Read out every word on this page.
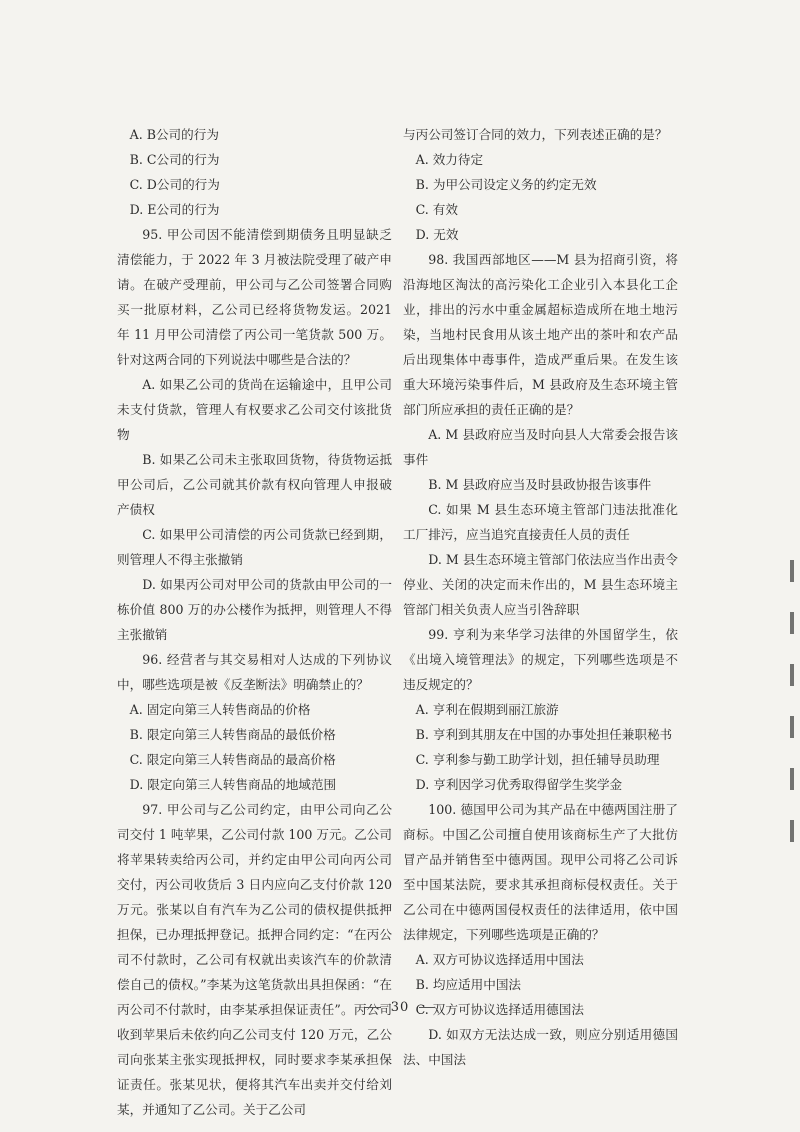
A. B公司的行为

B. C公司的行为

C. D公司的行为

D. E公司的行为

95. 甲公司因不能清偿到期债务且明显缺乏清偿能力，于 2022 年 3 月被法院受理了破产申请。在破产受理前，甲公司与乙公司签署合同购买一批原材料，乙公司已经将货物发运。2021 年 11 月甲公司清偿了丙公司一笔货款 500 万。针对这两合同的下列说法中哪些是合法的？

A. 如果乙公司的货尚在运输途中，且甲公司未支付货款，管理人有权要求乙公司交付该批货物

B. 如果乙公司未主张取回货物，待货物运抵甲公司后，乙公司就其价款有权向管理人申报破产债权

C. 如果甲公司清偿的丙公司货款已经到期，则管理人不得主张撤销

D. 如果丙公司对甲公司的货款由甲公司的一栋价值 800 万的办公楼作为抵押，则管理人不得主张撤销

96. 经营者与其交易相对人达成的下列协议中，哪些选项是被《反垄断法》明确禁止的？

A. 固定向第三人转售商品的价格

B. 限定向第三人转售商品的最低价格

C. 限定向第三人转售商品的最高价格

D. 限定向第三人转售商品的地域范围

97. 甲公司与乙公司约定，由甲公司向乙公司交付 1 吨苹果，乙公司付款 100 万元。乙公司将苹果转卖给丙公司，并约定由甲公司向丙公司交付，丙公司收货后 3 日内应向乙支付价款 120 万元。张某以自有汽车为乙公司的债权提供抵押担保，已办理抵押登记。抵押合同约定：“在丙公司不付款时，乙公司有权就出卖该汽车的价款清偿自己的债权。”李某为这笔货款出具担保函：“在丙公司不付款时，由李某承担保证责任”。丙公司收到苹果后未依约向乙公司支付 120 万元，乙公司向张某主张实现抵押权，同时要求李某承担保证责任。张某见状，便将其汽车出卖并交付给刘某，并通知了乙公司。关于乙公司

与丙公司签订合同的效力，下列表述正确的是？

A. 效力待定

B. 为甲公司设定义务的约定无效

C. 有效

D. 无效

98. 我国西部地区——M 县为招商引资，将沿海地区淘汰的高污染化工企业引入本县化工企业，排出的污水中重金属超标造成所在地土地污染，当地村民食用从该土地产出的茶叶和农产品后出现集体中毒事件，造成严重后果。在发生该重大环境污染事件后，M 县政府及生态环境主管部门所应承担的责任正确的是？

A. M 县政府应当及时向县人大常委会报告该事件

B. M 县政府应当及时县政协报告该事件

C. 如果 M 县生态环境主管部门违法批准化工厂排污，应当追究直接责任人员的责任

D. M 县生态环境主管部门依法应当作出责令停业、关闭的决定而未作出的，M 县生态环境主管部门相关负责人应当引咎辞职

99. 亨利为来华学习法律的外国留学生，依《出境入境管理法》的规定，下列哪些选项是不违反规定的？

A. 亨利在假期到丽江旅游

B. 亨利到其朋友在中国的办事处担任兼职秘书

C. 亨利参与勤工助学计划，担任辅导员助理

D. 亨利因学习优秀取得留学生奖学金

100. 德国甲公司为其产品在中德两国注册了商标。中国乙公司擅自使用该商标生产了大批仿冒产品并销售至中德两国。现甲公司将乙公司诉至中国某法院，要求其承担商标侵权责任。关于乙公司在中德两国侵权责任的法律适用，依中国法律规定，下列哪些选项是正确的？

A. 双方可协议选择适用中国法

B. 均应适用中国法

C. 双方可协议选择适用德国法

D. 如双方无法达成一致，则应分别适用德国法、中国法

30
